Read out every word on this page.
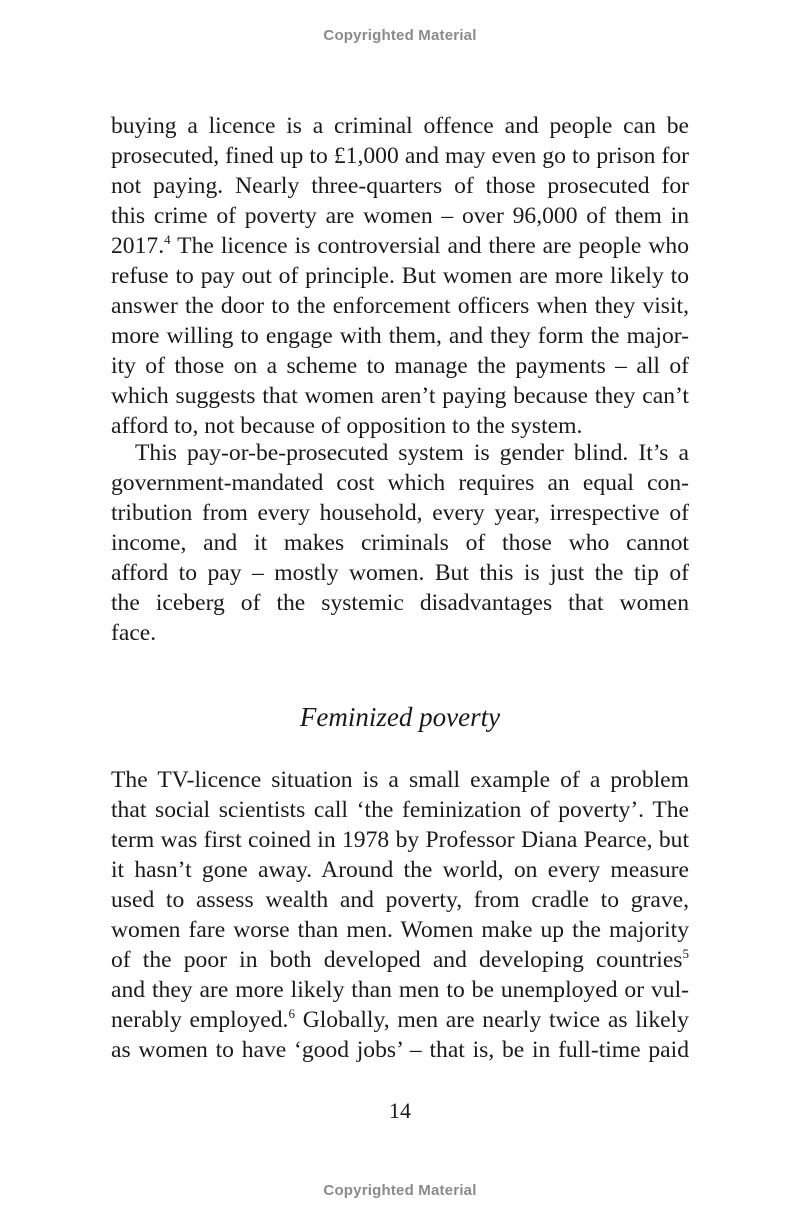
Copyrighted Material
buying a licence is a criminal offence and people can be
prosecuted, fined up to £1,000 and may even go to prison for
not paying. Nearly three-quarters of those prosecuted for
this crime of poverty are women – over 96,000 of them in
2017.$^4$ The licence is controversial and there are people who
refuse to pay out of principle. But women are more likely to
answer the door to the enforcement officers when they visit,
more willing to engage with them, and they form the major-
ity of those on a scheme to manage the payments – all of
which suggests that women aren’t paying because they can’t
afford to, not because of opposition to the system.
This pay-or-be-prosecuted system is gender blind. It’s a
government-mandated cost which requires an equal con-
tribution from every household, every year, irrespective of
income, and it makes criminals of those who cannot
afford to pay – mostly women. But this is just the tip of
the iceberg of the systemic disadvantages that women
face.
Feminized poverty
The TV-licence situation is a small example of a problem
that social scientists call ‘the feminization of poverty’. The
term was first coined in 1978 by Professor Diana Pearce, but
it hasn’t gone away. Around the world, on every measure
used to assess wealth and poverty, from cradle to grave,
women fare worse than men. Women make up the majority
of the poor in both developed and developing countries$^5$
and they are more likely than men to be unemployed or vul-
nerably employed.$^6$ Globally, men are nearly twice as likely
as women to have ‘good jobs’ – that is, be in full-time paid
14
Copyrighted Material
